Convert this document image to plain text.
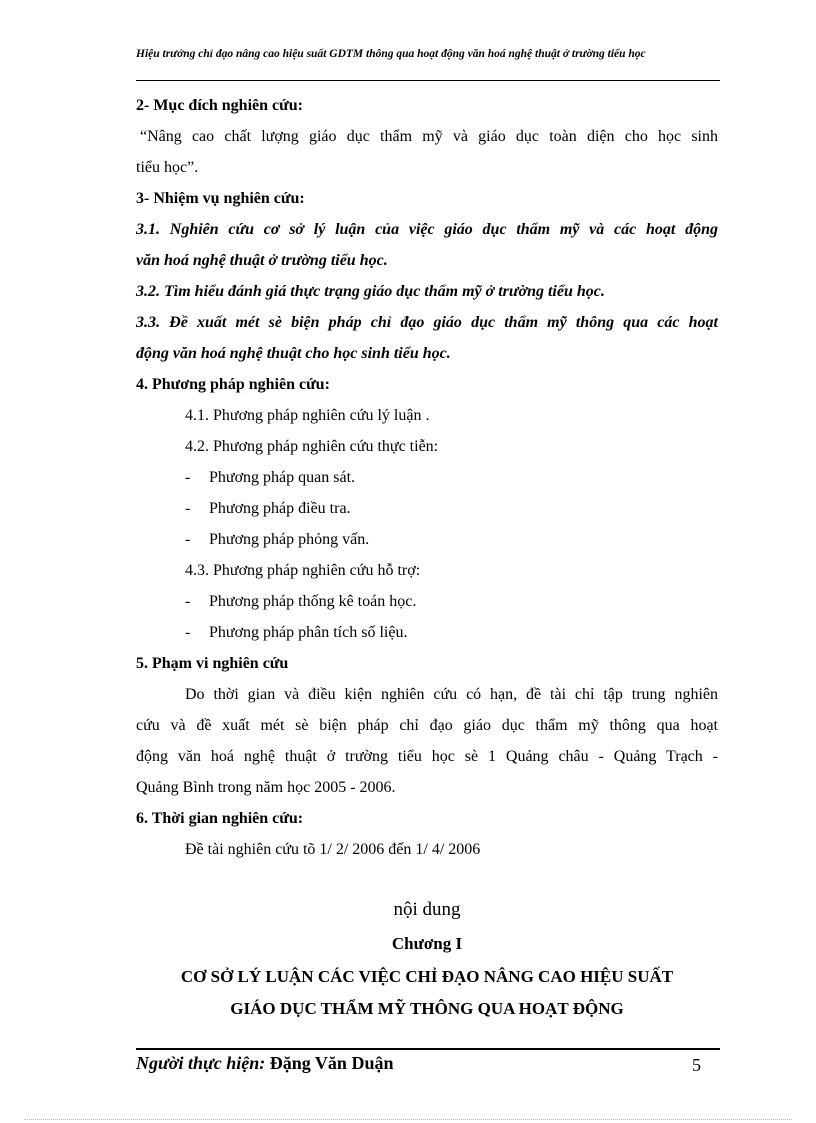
Hiệu trưởng chỉ đạo nâng cao hiệu suất GDTM thông qua hoạt động văn hoá nghệ thuật ở trường tiểu học
2- Mục đích nghiên cứu:
“Nâng cao chất lượng giáo dục thẩm mỹ và giáo dục toàn diện cho học sinh
tiểu học”.
3- Nhiệm vụ nghiên cứu:
3.1. Nghiên cứu cơ sở lý luận của việc giáo dục thẩm mỹ và các hoạt động
văn hoá nghệ thuật ở trường tiểu học.
3.2. Tìm hiểu đánh giá thực trạng giáo dục thẩm mỹ ở trường tiểu học.
3.3. Đề xuất mét sè biện pháp chỉ đạo giáo dục thẩm mỹ thông qua các hoạt
động văn hoá nghệ thuật cho học sinh tiểu học.
4. Phương pháp nghiên cứu:
4.1. Phương pháp nghiên cứu lý luận .
4.2. Phương pháp nghiên cứu thực tiễn:
- Phương pháp quan sát.
- Phương pháp điều tra.
- Phương pháp phỏng vấn.
4.3. Phương pháp nghiên cứu hỗ trợ:
- Phương pháp thống kê toán học.
- Phương pháp phân tích số liệu.
5. Phạm vi nghiên cứu
Do thời gian và điều kiện nghiên cứu có hạn, đề tài chỉ tập trung nghiên
cứu và đề xuất mét sè biện pháp chỉ đạo giáo dục thẩm mỹ thông qua hoạt
động văn hoá nghệ thuật ở trường tiểu học sè 1 Quảng châu - Quảng Trạch -
Quảng Bình trong năm học 2005 - 2006.
6. Thời gian nghiên cứu:
Đề tài nghiên cứu tõ 1/ 2/ 2006 đến 1/ 4/ 2006
nội dung
Chương I
CƠ SỞ LÝ LUẬN CÁC VIỆC CHỈ ĐẠO NÂNG CAO HIỆU SUẤT
GIÁO DỤC THẨM MỸ THÔNG QUA HOẠT ĐỘNG
Người thực hiện: Đặng Văn Duận	5
